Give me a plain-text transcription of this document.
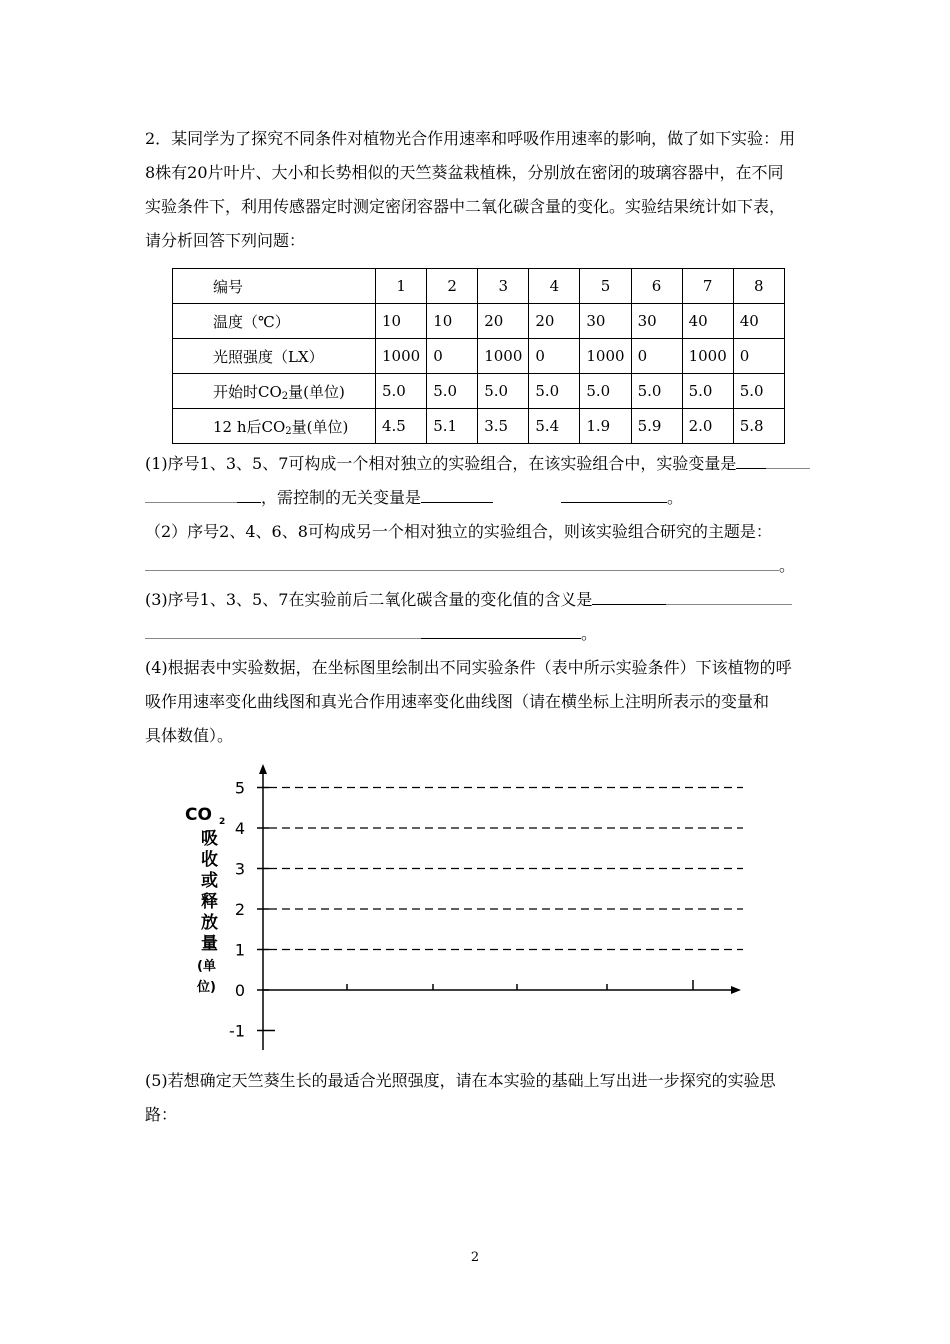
2．某同学为了探究不同条件对植物光合作用速率和呼吸作用速率的影响，做了如下实验：用
8株有20片叶片、大小和长势相似的天竺葵盆栽植株，分别放在密闭的玻璃容器中，在不同
实验条件下，利用传感器定时测定密闭容器中二氧化碳含量的变化。实验结果统计如下表，
请分析回答下列问题：
编号	1	2	3	4	5	6	7	8
温度（℃）	10	10	20	20	30	30	40	40
光照强度（LX）	1000	0	1000	0	1000	0	1000	0
开始时$CO_2$量(单位)	5.0	5.0	5.0	5.0	5.0	5.0	5.0	5.0
12 h后$CO_2$量(单位)	4.5	5.1	3.5	5.4	1.9	5.9	2.0	5.8
(1)序号1、3、5、7可构成一个相对独立的实验组合，在该实验组合中，实验变量是
，需控制的无关变量是	。
（2）序号2、4、6、8可构成另一个相对独立的实验组合，则该实验组合研究的主题是：
。
(3)序号1、3、5、7在实验前后二氧化碳含量的变化值的含义是
。
(4)根据表中实验数据，在坐标图里绘制出不同实验条件（表中所示实验条件）下该植物的呼
吸作用速率变化曲线图和真光合作用速率变化曲线图（请在横坐标上注明所表示的变量和
具体数值）。
CO 2
吸
收
或
释
放
量
(单
位)
5
4
3
2
1
0
-1
(5)若想确定天竺葵生长的最适合光照强度，请在本实验的基础上写出进一步探究的实验思
路：
2
